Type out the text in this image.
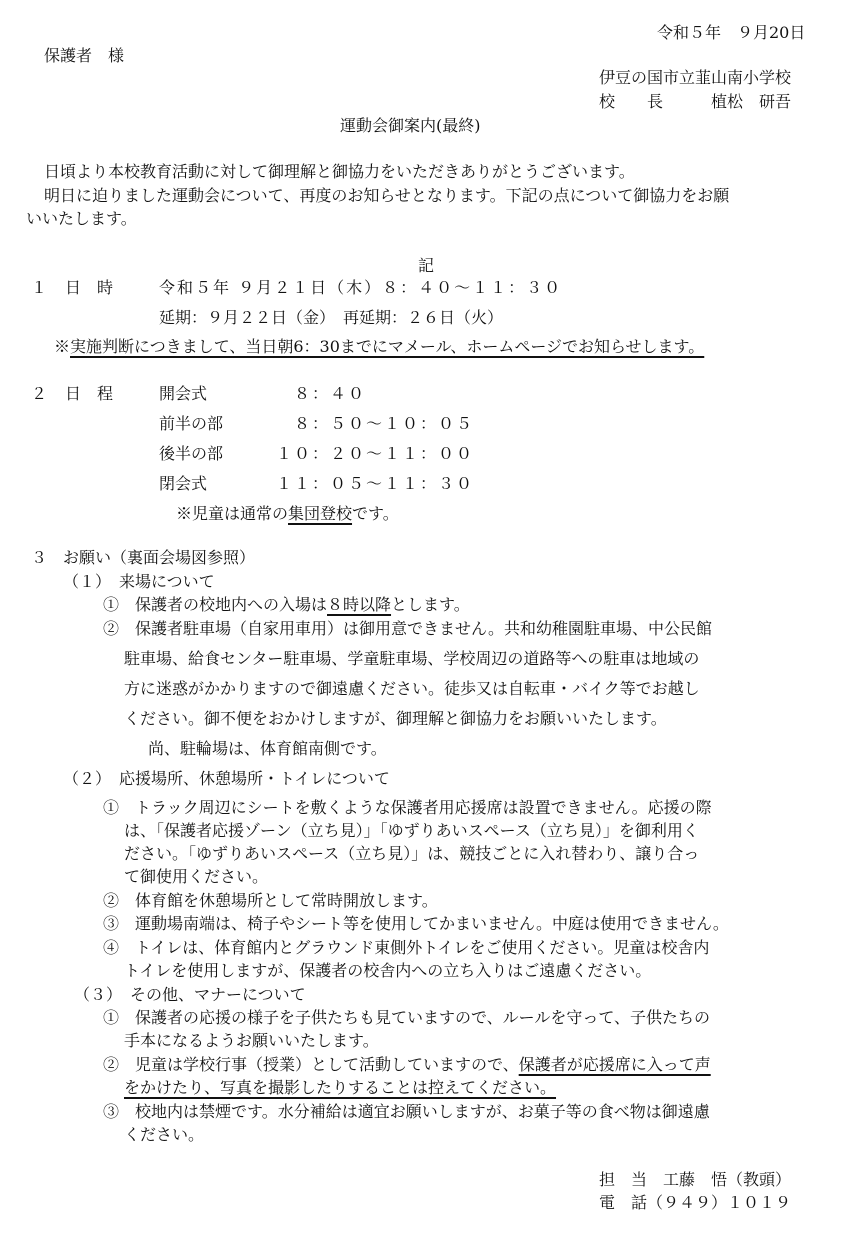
令和５年　９月20日
保護者　様
伊豆の国市立韮山南小学校
校　　長　　　植松　研吾
運動会御案内(最終)
日頃より本校教育活動に対して御理解と御協力をいただきありがとうございます。
明日に迫りました運動会について、再度のお知らせとなります。下記の点について御協力をお願
いいたします。
記
１ 日　時	令和５年 ９月２１日（木）８：４０〜１１：３０
延期：９月２２日（金）　再延期：２６日（火）
※実施判断につきまして、当日朝6：30までにマメール、ホームページでお知らせします。
２ 日　程	開会式	８：４０
前半の部	８：５０〜１０：０５
後半の部	１０：２０〜１１：００
閉会式	１１：０５〜１１：３０
※児童は通常の集団登校です。
３　お願い（裏面会場図参照）
（１）　来場について
①　保護者の校地内への入場は８時以降とします。
②　保護者駐車場（自家用車用）は御用意できません。共和幼稚園駐車場、中公民館
駐車場、給食センター駐車場、学童駐車場、学校周辺の道路等への駐車は地域の
方に迷惑がかかりますので御遠慮ください。徒歩又は自転車・バイク等でお越し
ください。御不便をおかけしますが、御理解と御協力をお願いいたします。
尚、駐輪場は、体育館南側です。
（２）　応援場所、休憩場所・トイレについて
①　トラック周辺にシートを敷くような保護者用応援席は設置できません。応援の際
は、「保護者応援ゾーン（立ち見）」「ゆずりあいスペース（立ち見）」を御利用く
ださい。「ゆずりあいスペース（立ち見）」は、競技ごとに入れ替わり、譲り合っ
て御使用ください。
②　体育館を休憩場所として常時開放します。
③　運動場南端は、椅子やシート等を使用してかまいません。中庭は使用できません。
④　トイレは、体育館内とグラウンド東側外トイレをご使用ください。児童は校舎内
トイレを使用しますが、保護者の校舎内への立ち入りはご遠慮ください。
（３）　その他、マナーについて
①　保護者の応援の様子を子供たちも見ていますので、ルールを守って、子供たちの
手本になるようお願いいたします。
②　児童は学校行事（授業）として活動していますので、保護者が応援席に入って声
をかけたり、写真を撮影したりすることは控えてください。
③　校地内は禁煙です。水分補給は適宜お願いしますが、お菓子等の食べ物は御遠慮
ください。
担　当　工藤　悟（教頭）
電　話（９４９）１０１９
